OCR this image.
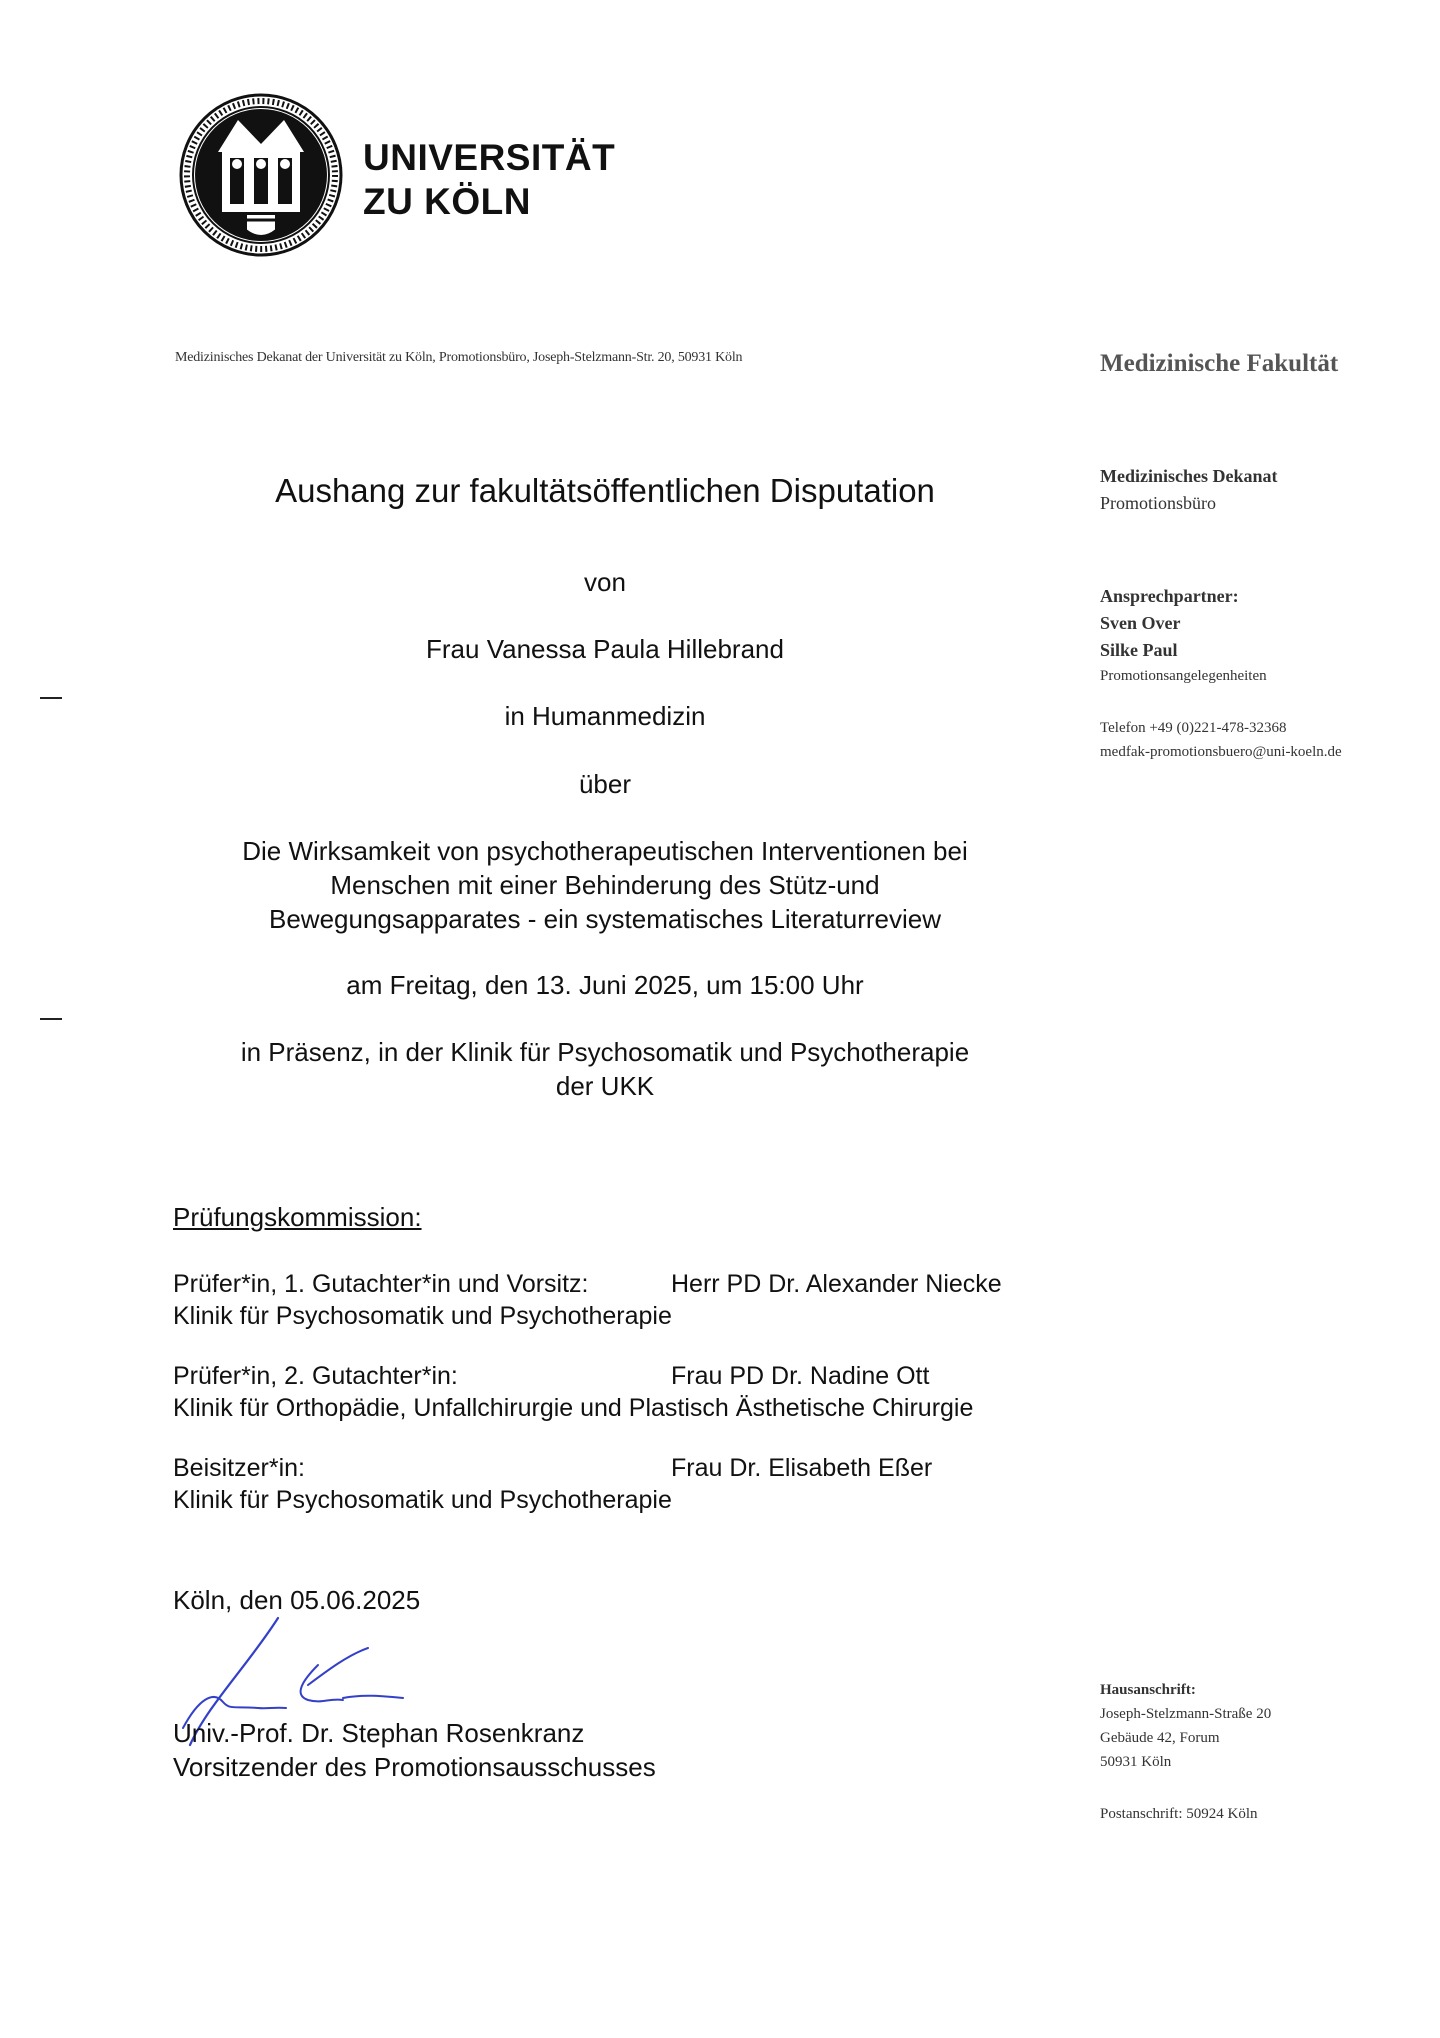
UNIVERSITÄT
ZU KÖLN
Medizinisches Dekanat der Universität zu Köln, Promotionsbüro, Joseph-Stelzmann-Str. 20, 50931 Köln	Medizinische Fakultät
Medizinisches Dekanat
Promotionsbüro
Ansprechpartner:
Sven Over
Silke Paul
Promotionsangelegenheiten
Telefon +49 (0)221-478-32368
medfak-promotionsbuero@uni-koeln.de
Hausanschrift:
Joseph-Stelzmann-Straße 20
Gebäude 42, Forum
50931 Köln
Postanschrift: 50924 Köln
Aushang zur fakultätsöffentlichen Disputation
von
Frau Vanessa Paula Hillebrand
in Humanmedizin
über
Die Wirksamkeit von psychotherapeutischen Interventionen bei
Menschen mit einer Behinderung des Stütz-und
Bewegungsapparates - ein systematisches Literaturreview
am Freitag, den 13. Juni 2025, um 15:00 Uhr
in Präsenz, in der Klinik für Psychosomatik und Psychotherapie
der UKK
Prüfungskommission:
Prüfer*in, 1. Gutachter*in und Vorsitz:	Herr PD Dr. Alexander Niecke
Klinik für Psychosomatik und Psychotherapie
Prüfer*in, 2. Gutachter*in:	Frau PD Dr. Nadine Ott
Klinik für Orthopädie, Unfallchirurgie und Plastisch Ästhetische Chirurgie
Beisitzer*in:	Frau Dr. Elisabeth Eßer
Klinik für Psychosomatik und Psychotherapie
Köln, den 05.06.2025
Univ.-Prof. Dr. Stephan Rosenkranz
Vorsitzender des Promotionsausschusses
